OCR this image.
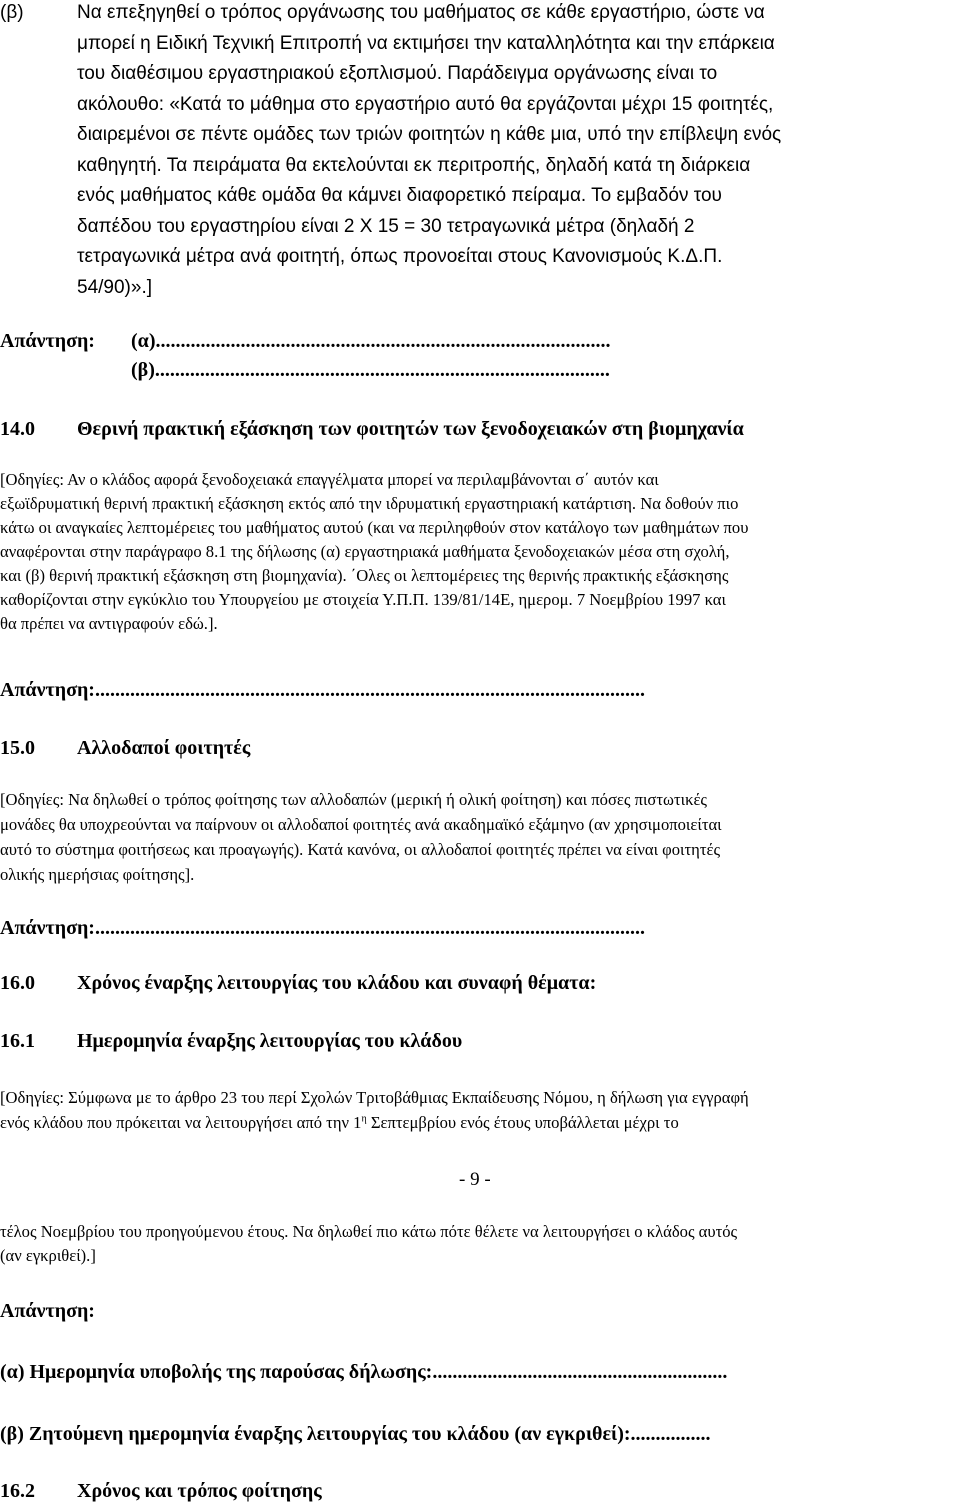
(β)	Να επεξηγηθεί ο τρόπος οργάνωσης του μαθήματος σε κάθε εργαστήριο, ώστε να
μπορεί η Ειδική Τεχνική Επιτροπή να εκτιμήσει την καταλληλότητα και την επάρκεια
του διαθέσιμου εργαστηριακού εξοπλισμού. Παράδειγμα οργάνωσης είναι το
ακόλουθο: «Κατά το μάθημα στο εργαστήριο αυτό θα εργάζονται μέχρι 15 φοιτητές,
διαιρεμένοι σε πέντε ομάδες των τριών φοιτητών η κάθε μια, υπό την επίβλεψη ενός
καθηγητή. Τα πειράματα θα εκτελούνται εκ περιτροπής, δηλαδή κατά τη διάρκεια
ενός μαθήματος κάθε ομάδα θα κάμνει διαφορετικό πείραμα. Το εμβαδόν του
δαπέδου του εργαστηρίου είναι 2 Χ 15 = 30 τετραγωνικά μέτρα (δηλαδή 2
τετραγωνικά μέτρα ανά φοιτητή, όπως προνοείται στους Κανονισμούς Κ.Δ.Π.
54/90)».]
Απάντηση: (α)...........................................................................................
(β)...........................................................................................
14.0 Θερινή πρακτική εξάσκηση των φοιτητών των ξενοδοχειακών στη βιομηχανία
[Οδηγίες: Αν ο κλάδος αφορά ξενοδοχειακά επαγγέλματα μπορεί να περιλαμβάνονται σ΄ αυτόν και
εξωϊδρυματική θερινή πρακτική εξάσκηση εκτός από την ιδρυματική εργαστηριακή κατάρτιση. Να δοθούν πιο
κάτω οι αναγκαίες λεπτομέρειες του μαθήματος αυτού (και να περιληφθούν στον κατάλογο των μαθημάτων που
αναφέρονται στην παράγραφο 8.1 της δήλωσης (α) εργαστηριακά μαθήματα ξενοδοχειακών μέσα στη σχολή,
και (β) θερινή πρακτική εξάσκηση στη βιομηχανία). ΄Ολες οι λεπτομέρειες της θερινής πρακτικής εξάσκησης
καθορίζονται στην εγκύκλιο του Υπουργείου με στοιχεία Υ.Π.Π. 139/81/14Ε, ημερομ. 7 Νοεμβρίου 1997 και
θα πρέπει να αντιγραφούν εδώ.].
Απάντηση:..............................................................................................................
15.0 Αλλοδαποί φοιτητές
[Οδηγίες: Να δηλωθεί ο τρόπος φοίτησης των αλλοδαπών (μερική ή ολική φοίτηση) και πόσες πιστωτικές
μονάδες θα υποχρεούνται να παίρνουν οι αλλοδαποί φοιτητές ανά ακαδημαϊκό εξάμηνο (αν χρησιμοποιείται
αυτό το σύστημα φοιτήσεως και προαγωγής). Κατά κανόνα, οι αλλοδαποί φοιτητές πρέπει να είναι φοιτητές
ολικής ημερήσιας φοίτησης].
Απάντηση:..............................................................................................................
16.0 Χρόνος έναρξης λειτουργίας του κλάδου και συναφή θέματα:
16.1 Ημερομηνία έναρξης λειτουργίας του κλάδου
[Οδηγίες: Σύμφωνα με το άρθρο 23 του περί Σχολών Τριτοβάθμιας Εκπαίδευσης Νόμου, η δήλωση για εγγραφή
ενός κλάδου που πρόκειται να λειτουργήσει από την $1^\eta$ Σεπτεμβρίου ενός έτους υποβάλλεται μέχρι το
- 9 -
τέλος Νοεμβρίου του προηγούμενου έτους. Να δηλωθεί πιο κάτω πότε θέλετε να λειτουργήσει ο κλάδος αυτός
(αν εγκριθεί).]
Απάντηση:
(α) Ημερομηνία υποβολής της παρούσας δήλωσης:...........................................................
(β) Ζητούμενη ημερομηνία έναρξης λειτουργίας του κλάδου (αν εγκριθεί):................
16.2 Χρόνος και τρόπος φοίτησης
